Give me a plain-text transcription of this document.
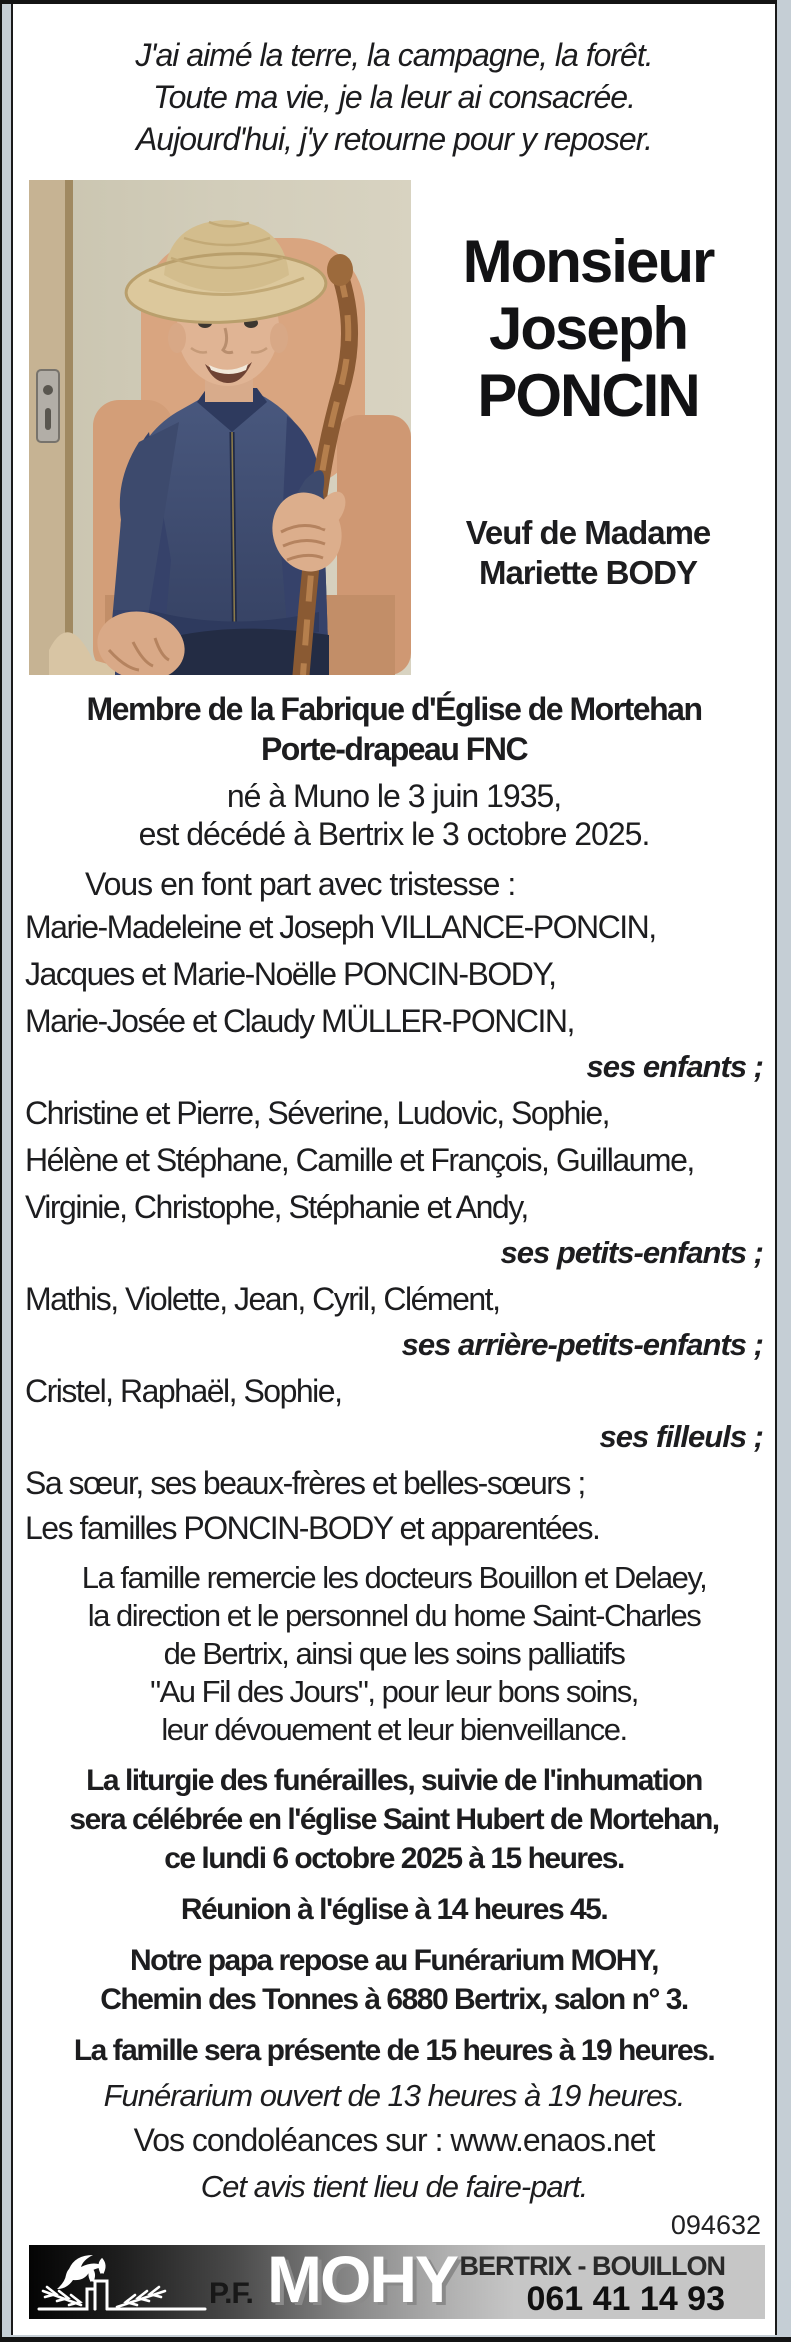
J'ai aimé la terre, la campagne, la forêt.
Toute ma vie, je la leur ai consacrée.
Aujourd'hui, j'y retourne pour y reposer.
Monsieur
Joseph
PONCIN
Veuf de Madame
Mariette BODY
Membre de la Fabrique d'Église de Mortehan
Porte-drapeau FNC
né à Muno le 3 juin 1935,
est décédé à Bertrix le 3 octobre 2025.
Vous en font part avec tristesse :
Marie-Madeleine et Joseph VILLANCE-PONCIN,
Jacques et Marie-Noëlle PONCIN-BODY,
Marie-Josée et Claudy MÜLLER-PONCIN,
ses enfants ;
Christine et Pierre, Séverine, Ludovic, Sophie,
Hélène et Stéphane, Camille et François, Guillaume,
Virginie, Christophe, Stéphanie et Andy,
ses petits-enfants ;
Mathis, Violette, Jean, Cyril, Clément,
ses arrière-petits-enfants ;
Cristel, Raphaël, Sophie,
ses filleuls ;
Sa sœur, ses beaux-frères et belles-sœurs ;
Les familles PONCIN-BODY et apparentées.
La famille remercie les docteurs Bouillon et Delaey,
la direction et le personnel du home Saint-Charles
de Bertrix, ainsi que les soins palliatifs
"Au Fil des Jours", pour leur bons soins,
leur dévouement et leur bienveillance.
La liturgie des funérailles, suivie de l'inhumation
sera célébrée en l'église Saint Hubert de Mortehan,
ce lundi 6 octobre 2025 à 15 heures.
Réunion à l'église à 14 heures 45.
Notre papa repose au Funérarium MOHY,
Chemin des Tonnes à 6880 Bertrix, salon n° 3.
La famille sera présente de 15 heures à 19 heures.
Funérarium ouvert de 13 heures à 19 heures.
Vos condoléances sur : www.enaos.net
Cet avis tient lieu de faire-part.
094632
P.F. MOHY BERTRIX - BOUILLON
061 41 14 93
